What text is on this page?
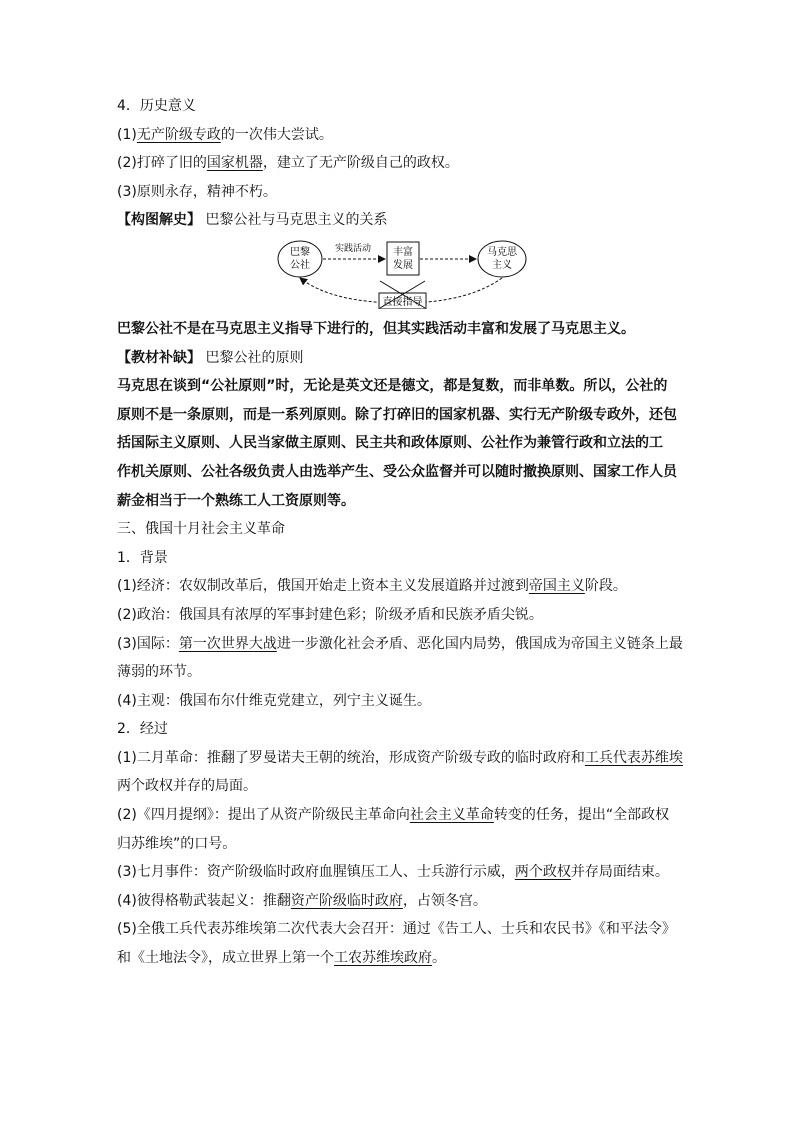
4．历史意义
(1)无产阶级专政的一次伟大尝试。
(2)打碎了旧的国家机器，建立了无产阶级自己的政权。
(3)原则永存，精神不朽。
【构图解史】 巴黎公社与马克思主义的关系
巴黎
公社
丰富
发展
马克思
主义
实践活动
直接指导
巴黎公社不是在马克思主义指导下进行的，但其实践活动丰富和发展了马克思主义。
【教材补缺】 巴黎公社的原则
马克思在谈到“公社原则”时，无论是英文还是德文，都是复数，而非单数。所以，公社的
原则不是一条原则，而是一系列原则。除了打碎旧的国家机器、实行无产阶级专政外，还包
括国际主义原则、人民当家做主原则、民主共和政体原则、公社作为兼管行政和立法的工
作机关原则、公社各级负责人由选举产生、受公众监督并可以随时撤换原则、国家工作人员
薪金相当于一个熟练工人工资原则等。
三、俄国十月社会主义革命
1．背景
(1)经济：农奴制改革后，俄国开始走上资本主义发展道路并过渡到帝国主义阶段。
(2)政治：俄国具有浓厚的军事封建色彩；阶级矛盾和民族矛盾尖锐。
(3)国际：第一次世界大战进一步激化社会矛盾、恶化国内局势，俄国成为帝国主义链条上最
薄弱的环节。
(4)主观：俄国布尔什维克党建立，列宁主义诞生。
2．经过
(1)二月革命：推翻了罗曼诺夫王朝的统治，形成资产阶级专政的临时政府和工兵代表苏维埃
两个政权并存的局面。
(2)《四月提纲》：提出了从资产阶级民主革命向社会主义革命转变的任务，提出“全部政权
归苏维埃”的口号。
(3)七月事件：资产阶级临时政府血腥镇压工人、士兵游行示威，两个政权并存局面结束。
(4)彼得格勒武装起义：推翻资产阶级临时政府，占领冬宫。
(5)全俄工兵代表苏维埃第二次代表大会召开：通过《告工人、士兵和农民书》《和平法令》
和《土地法令》，成立世界上第一个工农苏维埃政府。
